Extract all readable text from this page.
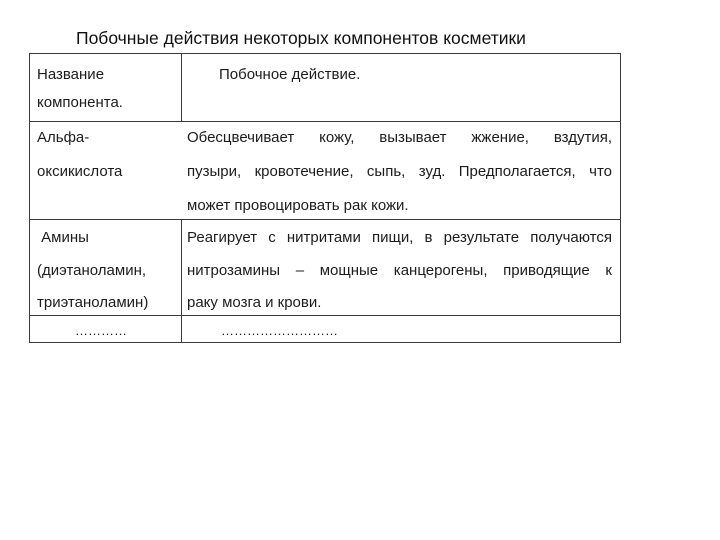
Побочные действия некоторых компонентов косметики
Название
компонента.
Побочное действие.
Альфа-
оксикислота
Обесцвечивает кожу, вызывает жжение, вздутия,
пузыри, кровотечение, сыпь, зуд. Предполагается, что
может провоцировать рак кожи.
Амины
(диэтаноламин,
триэтаноламин)
Реагирует с нитритами пищи, в результате получаются
нитрозамины – мощные канцерогены, приводящие к
раку мозга и крови.
…………	………………………
